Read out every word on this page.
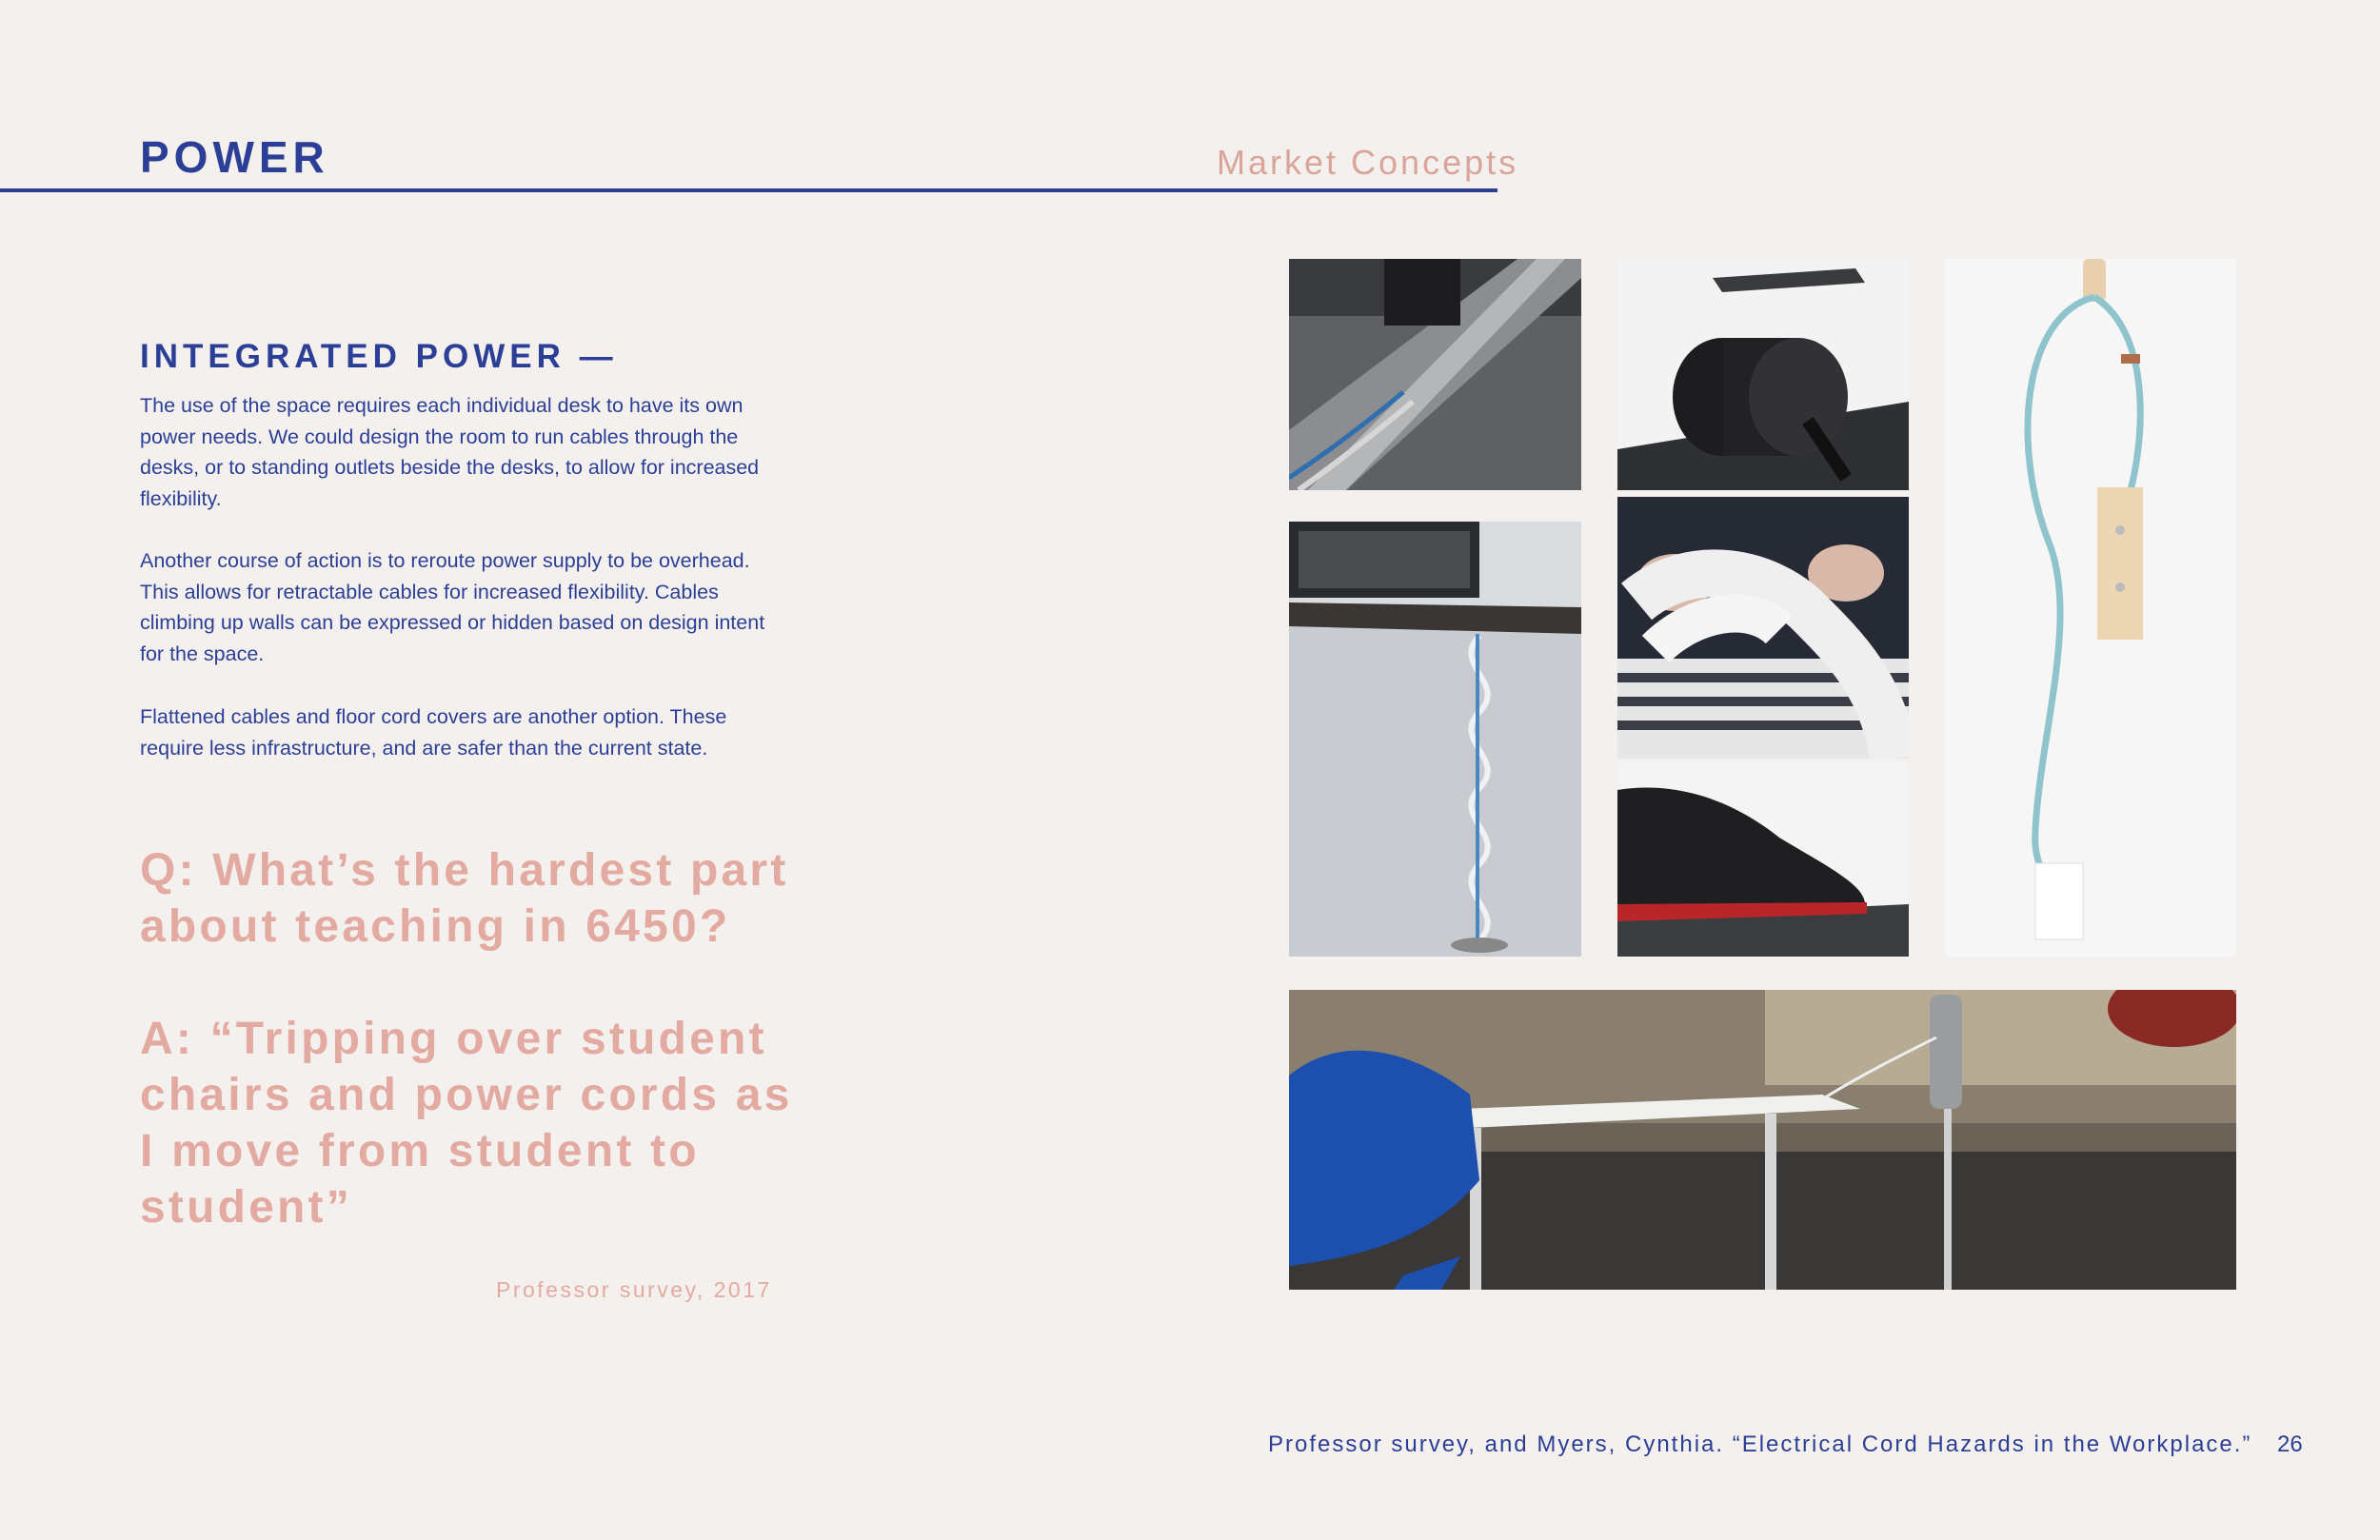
POWER	Market Concepts
INTEGRATED POWER —

The use of the space requires each individual desk to have its own power needs. We could design the room to run cables through the desks, or to standing outlets beside the desks, to allow for increased flexibility.

Another course of action is to reroute power supply to be overhead. This allows for retractable cables for increased flexibility. Cables climbing up walls can be expressed or hidden based on design intent for the space.

Flattened cables and floor cord covers are another option. These require less infrastructure, and are safer than the current state.

Q: What’s the hardest part about teaching in 6450?

A: “Tripping over student chairs and power cords as I move from student to student”

Professor survey, 2017
Professor survey, and Myers, Cynthia. “Electrical Cord Hazards in the Workplace.” 26
